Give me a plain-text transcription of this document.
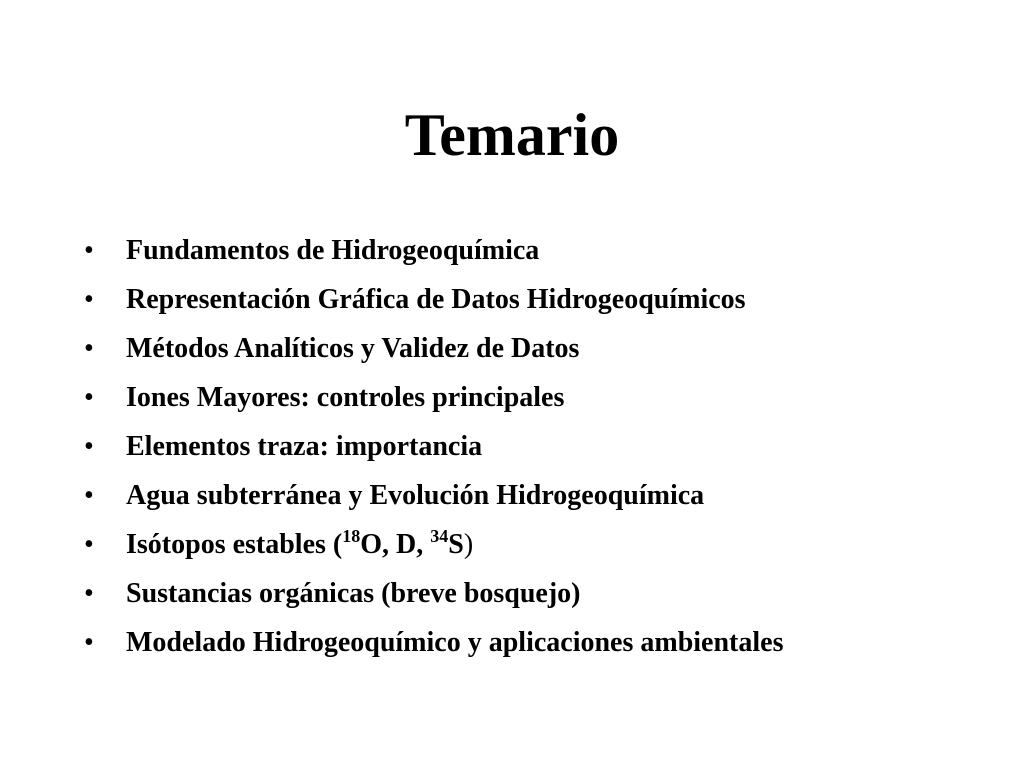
Temario
• Fundamentos de Hidrogeoquímica
• Representación Gráfica de Datos Hidrogeoquímicos
• Métodos Analíticos y Validez de Datos
• Iones Mayores: controles principales
• Elementos traza: importancia
• Agua subterránea y Evolución Hidrogeoquímica
• Isótopos estables ($^{18}$O, D, $^{34}$S)
• Sustancias orgánicas (breve bosquejo)
• Modelado Hidrogeoquímico y aplicaciones ambientales
